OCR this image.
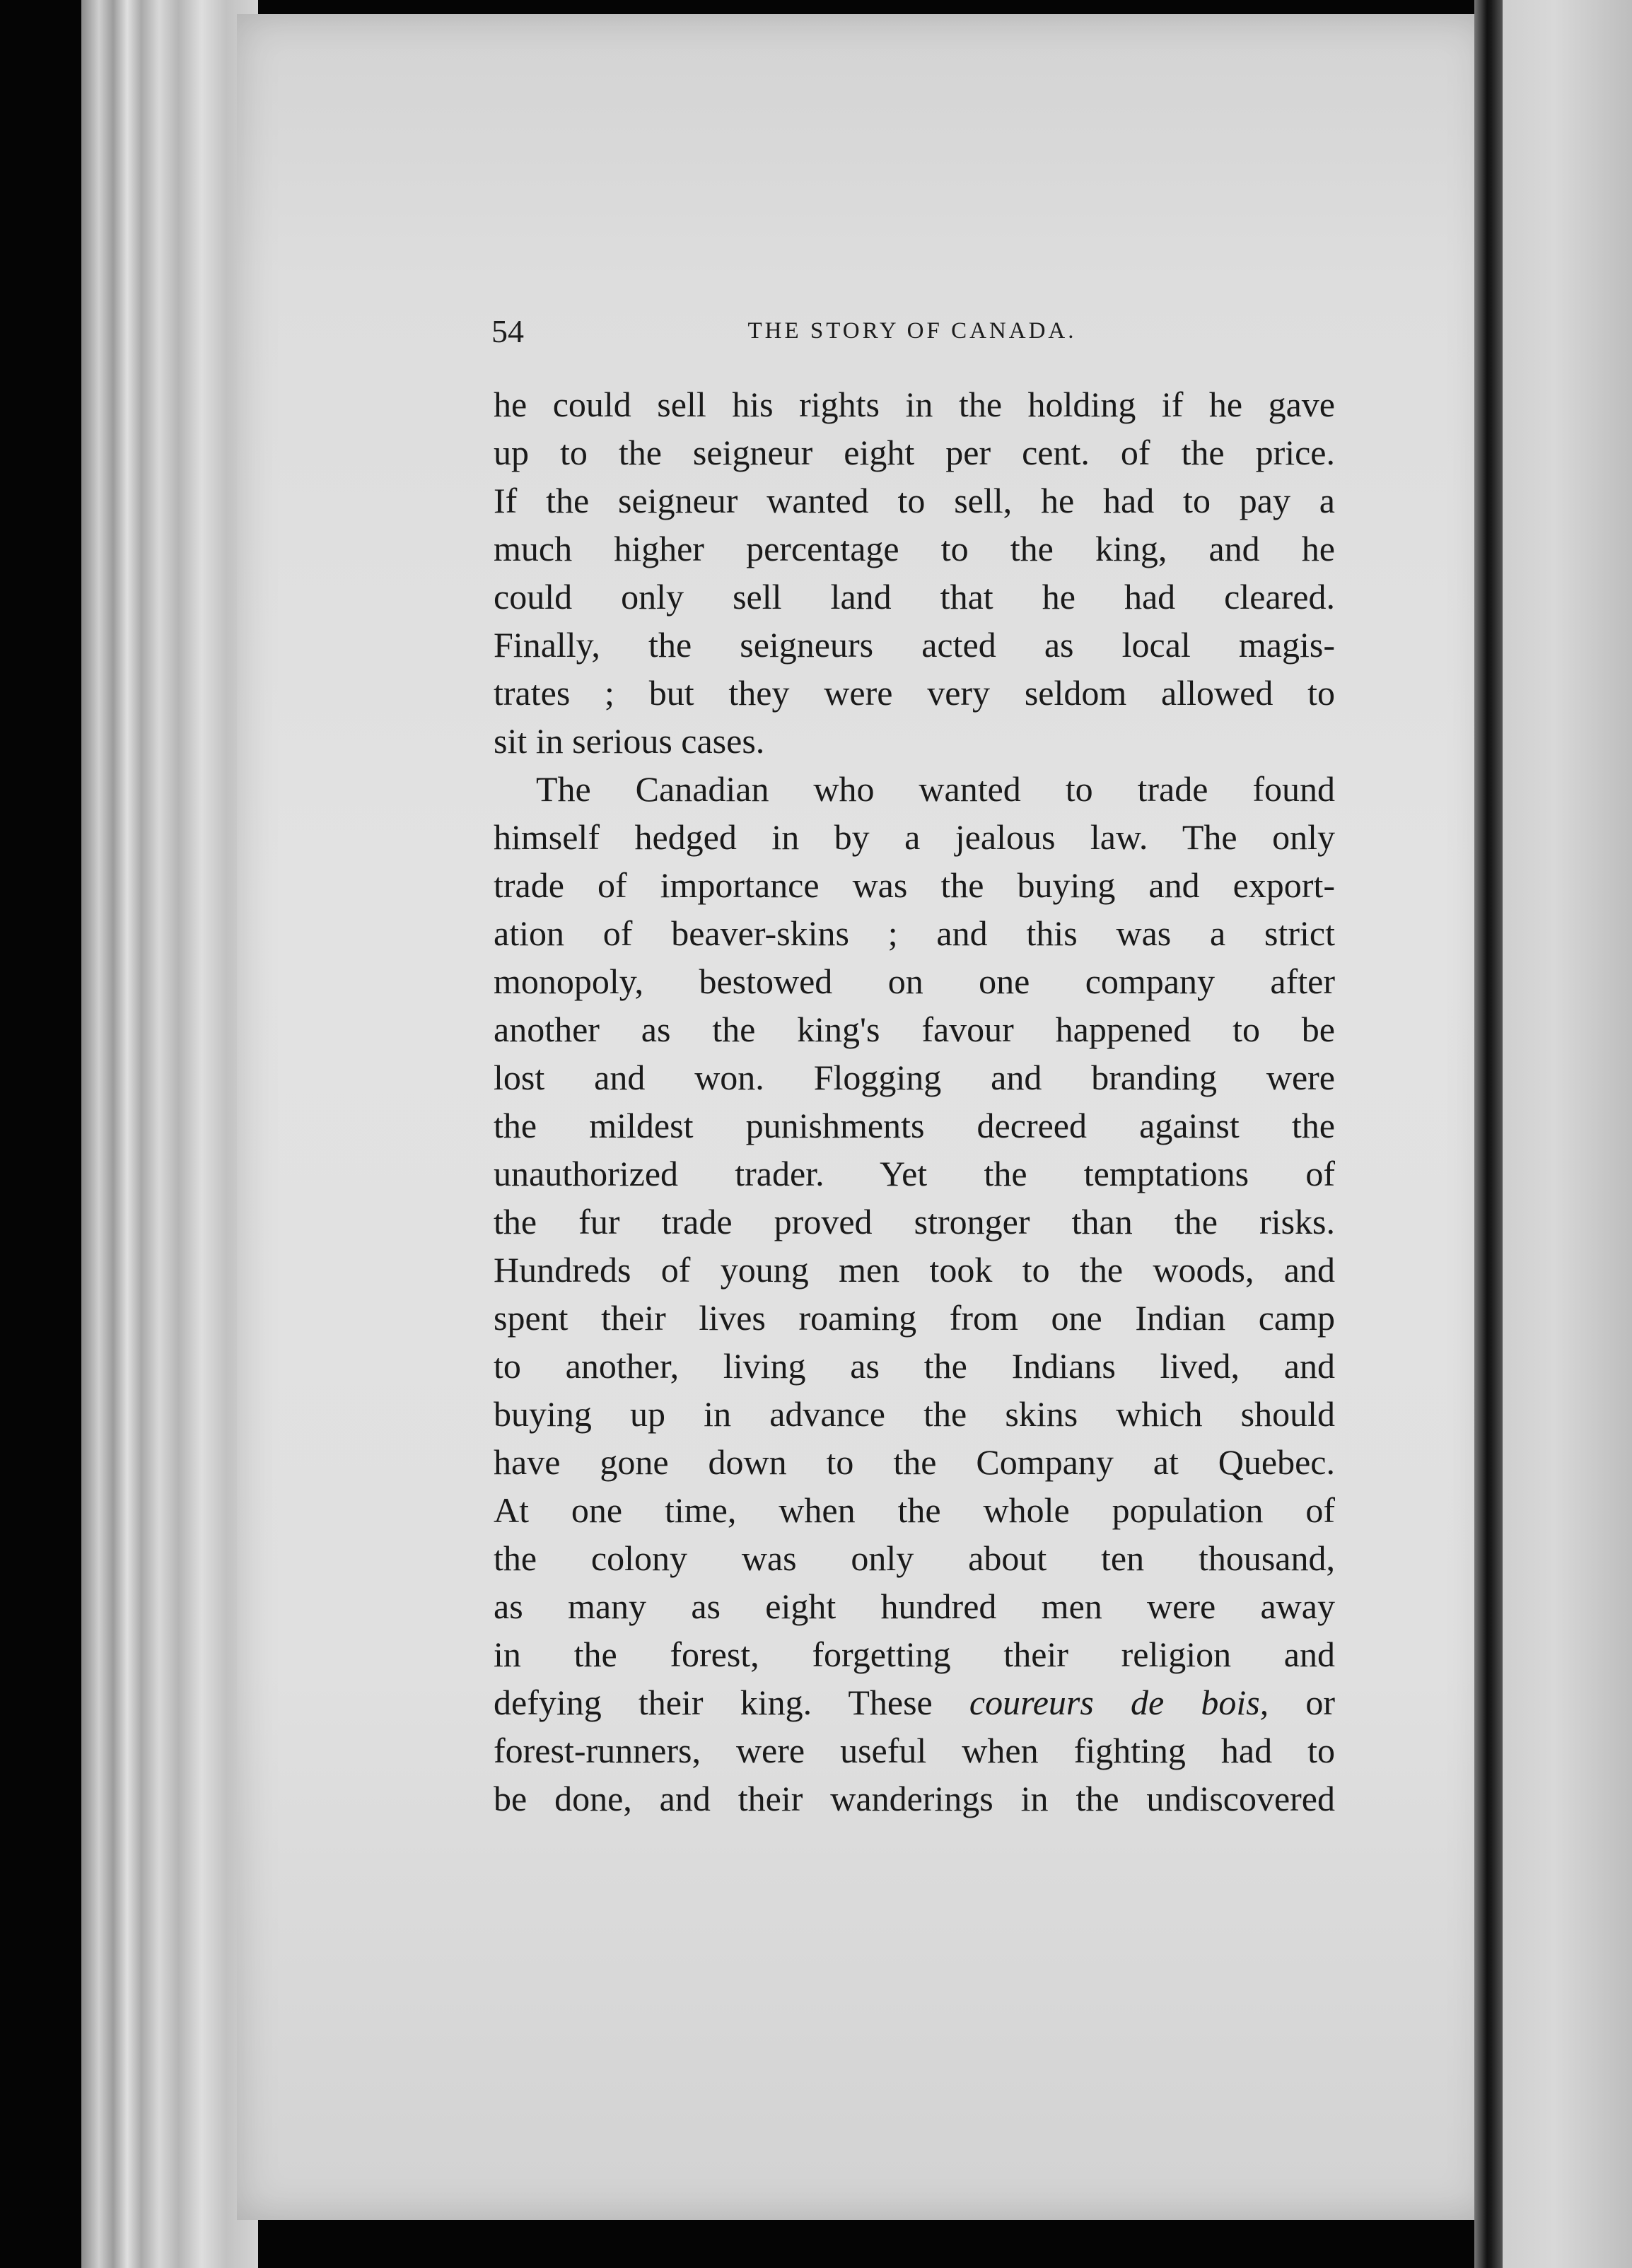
54	THE STORY OF CANADA.
he could sell his rights in the holding if he gave
up to the seigneur eight per cent. of the price.
If the seigneur wanted to sell, he had to pay a
much higher percentage to the king, and he
could only sell land that he had cleared.
Finally, the seigneurs acted as local magis-
trates ; but they were very seldom allowed to
sit in serious cases.
The Canadian who wanted to trade found
himself hedged in by a jealous law. The only
trade of importance was the buying and export-
ation of beaver-skins ; and this was a strict
monopoly, bestowed on one company after
another as the king's favour happened to be
lost and won. Flogging and branding were
the mildest punishments decreed against the
unauthorized trader. Yet the temptations of
the fur trade proved stronger than the risks.
Hundreds of young men took to the woods, and
spent their lives roaming from one Indian camp
to another, living as the Indians lived, and
buying up in advance the skins which should
have gone down to the Company at Quebec.
At one time, when the whole population of
the colony was only about ten thousand,
as many as eight hundred men were away
in the forest, forgetting their religion and
defying their king. These coureurs de bois, or
forest-runners, were useful when fighting had to
be done, and their wanderings in the undiscovered
